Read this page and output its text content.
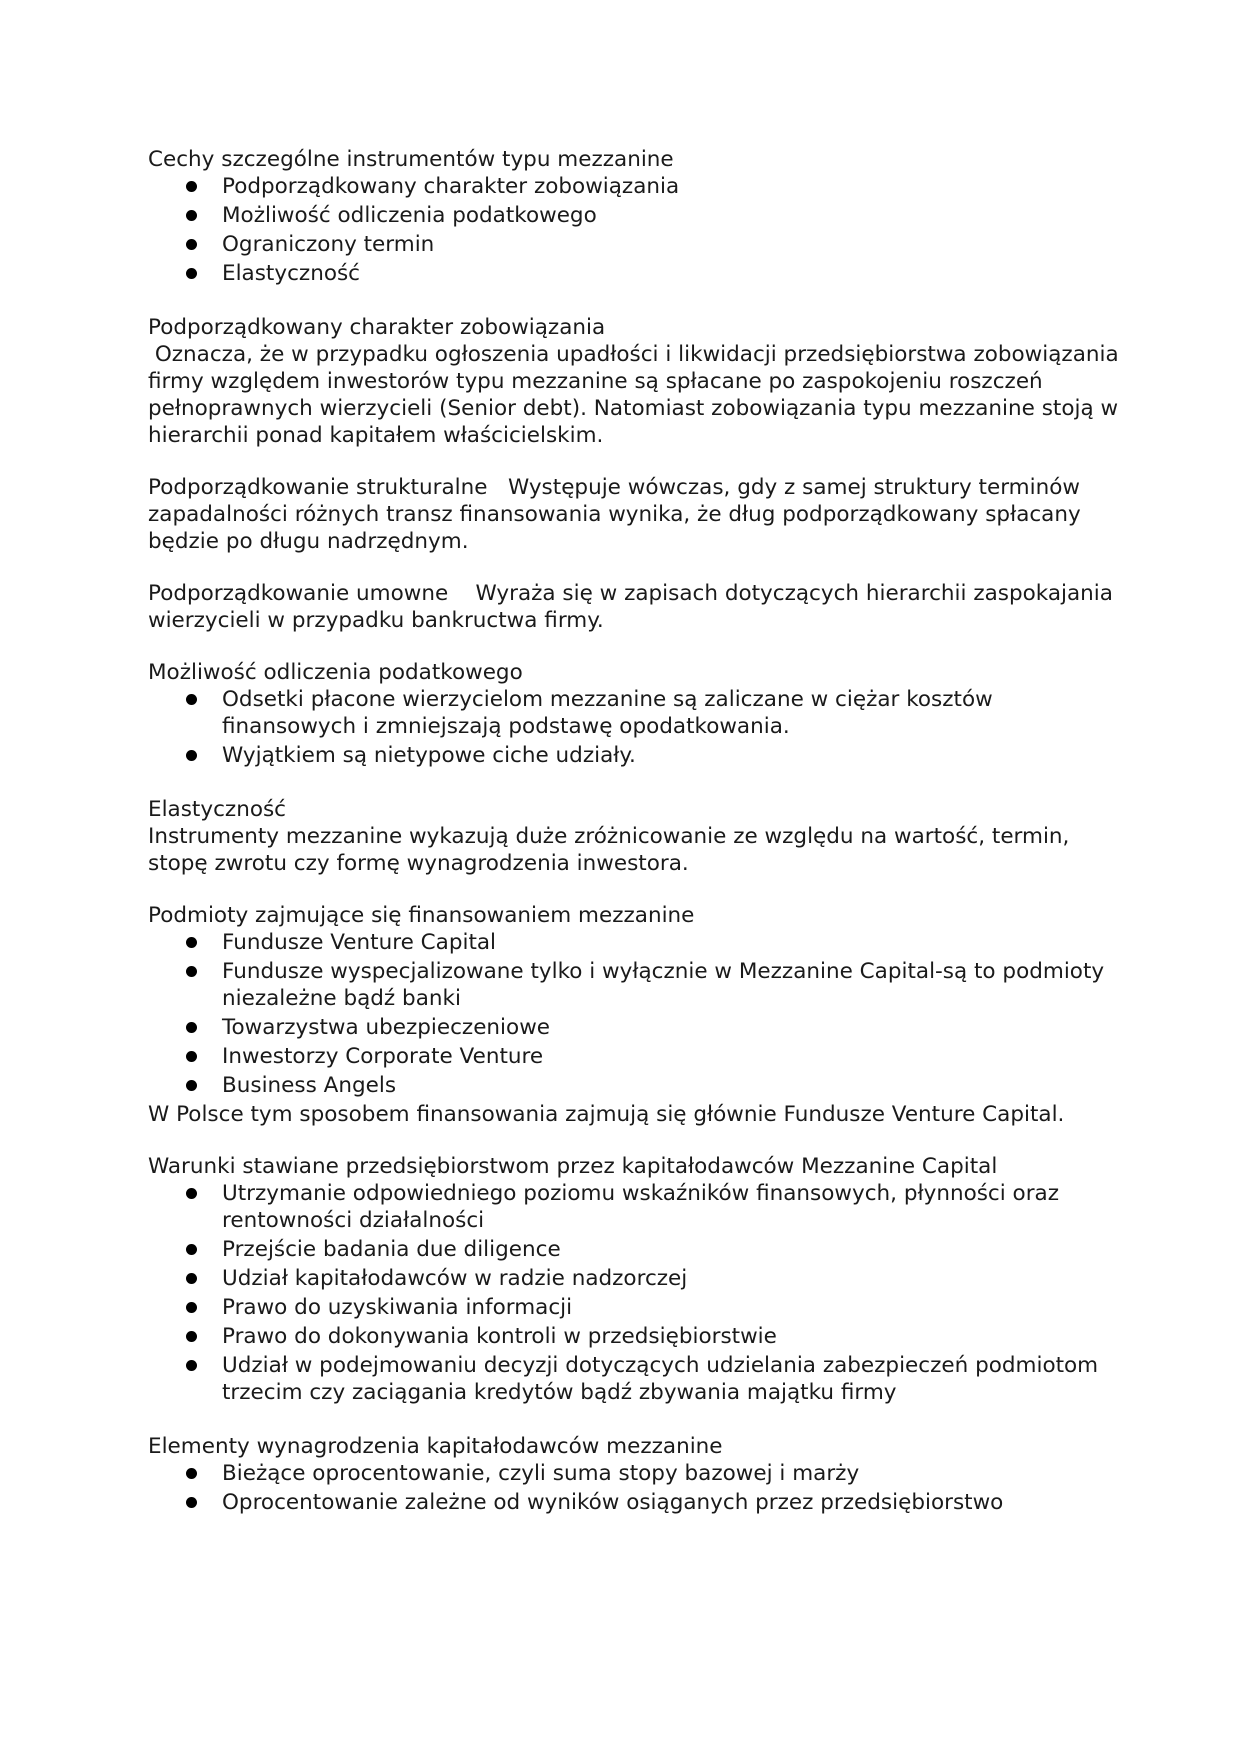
Cechy szczególne instrumentów typu mezzanine

Podporządkowany charakter zobowiązania
Możliwość odliczenia podatkowego
Ograniczony termin
Elastyczność

Podporządkowany charakter zobowiązania

Oznacza, że w przypadku ogłoszenia upadłości i likwidacji przedsiębiorstwa zobowiązania firmy względem inwestorów typu mezzanine są spłacane po zaspokojeniu roszczeń pełnoprawnych wierzycieli (Senior debt). Natomiast zobowiązania typu mezzanine stoją w hierarchii ponad kapitałem właścicielskim.

Podporządkowanie strukturalne   Występuje wówczas, gdy z samej struktury terminów zapadalności różnych transz finansowania wynika, że dług podporządkowany spłacany będzie po długu nadrzędnym.

Podporządkowanie umowne    Wyraża się w zapisach dotyczących hierarchii zaspokajania wierzycieli w przypadku bankructwa firmy.

Możliwość odliczenia podatkowego

Odsetki płacone wierzycielom mezzanine są zaliczane w ciężar kosztów finansowych i zmniejszają podstawę opodatkowania.
Wyjątkiem są nietypowe ciche udziały.

Elastyczność

Instrumenty mezzanine wykazują duże zróżnicowanie ze względu na wartość, termin, stopę zwrotu czy formę wynagrodzenia inwestora.

Podmioty zajmujące się finansowaniem mezzanine

Fundusze Venture Capital
Fundusze wyspecjalizowane tylko i wyłącznie w Mezzanine Capital-są to podmioty niezależne bądź banki
Towarzystwa ubezpieczeniowe
Inwestorzy Corporate Venture
Business Angels

W Polsce tym sposobem finansowania zajmują się głównie Fundusze Venture Capital.

Warunki stawiane przedsiębiorstwom przez kapitałodawców Mezzanine Capital

Utrzymanie odpowiedniego poziomu wskaźników finansowych, płynności oraz rentowności działalności
Przejście badania due diligence
Udział kapitałodawców w radzie nadzorczej
Prawo do uzyskiwania informacji
Prawo do dokonywania kontroli w przedsiębiorstwie
Udział w podejmowaniu decyzji dotyczących udzielania zabezpieczeń podmiotom trzecim czy zaciągania kredytów bądź zbywania majątku firmy

Elementy wynagrodzenia kapitałodawców mezzanine

Bieżące oprocentowanie, czyli suma stopy bazowej i marży
Oprocentowanie zależne od wyników osiąganych przez przedsiębiorstwo
